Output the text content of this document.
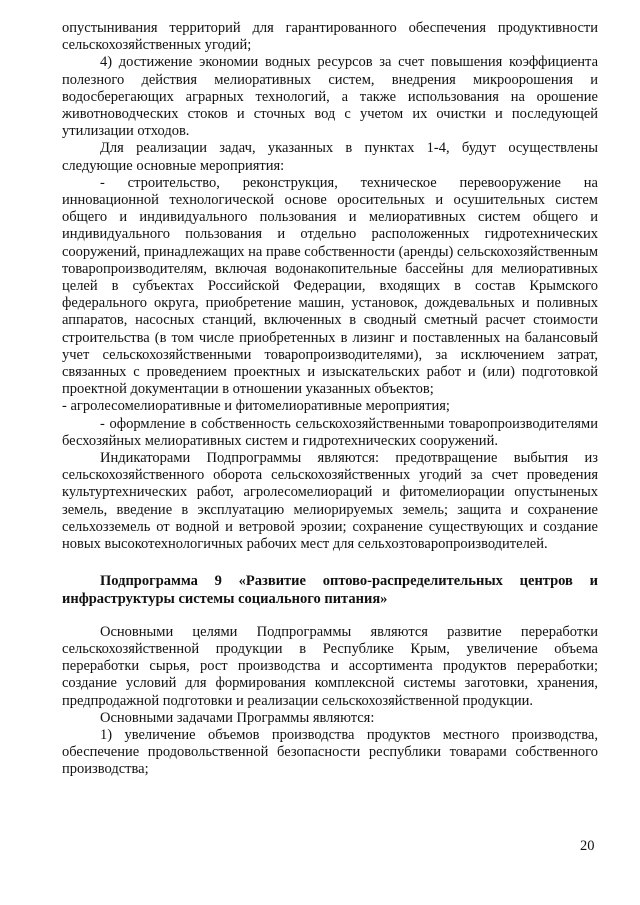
опустынивания территорий для гарантированного обеспечения продуктивности сельскохозяйственных угодий;

4) достижение экономии водных ресурсов за счет повышения коэффициента полезного действия мелиоративных систем, внедрения микроорошения и водосберегающих аграрных технологий, а также использования на орошение животноводческих стоков и сточных вод с учетом их очистки и последующей утилизации отходов.

Для реализации задач, указанных в пунктах 1-4, будут осуществлены следующие основные мероприятия:

- строительство, реконструкция, техническое перевооружение на инновационной технологической основе оросительных и осушительных систем общего и индивидуального пользования и мелиоративных систем общего и индивидуального пользования и отдельно расположенных гидротехнических сооружений, принадлежащих на праве собственности (аренды) сельскохозяйственным товаропроизводителям, включая водонакопительные бассейны для мелиоративных целей в субъектах Российской Федерации, входящих в состав Крымского федерального округа, приобретение машин, установок, дождевальных и поливных аппаратов, насосных станций, включенных в сводный сметный расчет стоимости строительства (в том числе приобретенных в лизинг и поставленных на балансовый учет сельскохозяйственными товаропроизводителями), за исключением затрат, связанных с проведением проектных и изыскательских работ и (или) подготовкой проектной документации в отношении указанных объектов;

- агролесомелиоративные и фитомелиоративные мероприятия;

- оформление в собственность сельскохозяйственными товаропроизводителями бесхозяйных мелиоративных систем и гидротехнических сооружений.

Индикаторами Подпрограммы являются: предотвращение выбытия из сельскохозяйственного оборота сельскохозяйственных угодий за счет проведения культуртехнических работ, агролесомелиораций и фитомелиорации опустыненых земель, введение в эксплуатацию мелиорируемых земель; защита и сохранение сельхозземель от водной и ветровой эрозии; сохранение существующих и создание новых высокотехнологичных рабочих мест для сельхозтоваропроизводителей.

Подпрограмма 9 «Развитие оптово-распределительных центров и инфраструктуры системы социального питания»

Основными целями Подпрограммы являются развитие переработки сельскохозяйственной продукции в Республике Крым, увеличение объема переработки сырья, рост производства и ассортимента продуктов переработки; создание условий для формирования комплексной системы заготовки, хранения, предпродажной подготовки и реализации сельскохозяйственной продукции.

Основными задачами Программы являются:

1) увеличение объемов производства продуктов местного производства, обеспечение продовольственной безопасности республики товарами собственного производства;

20
